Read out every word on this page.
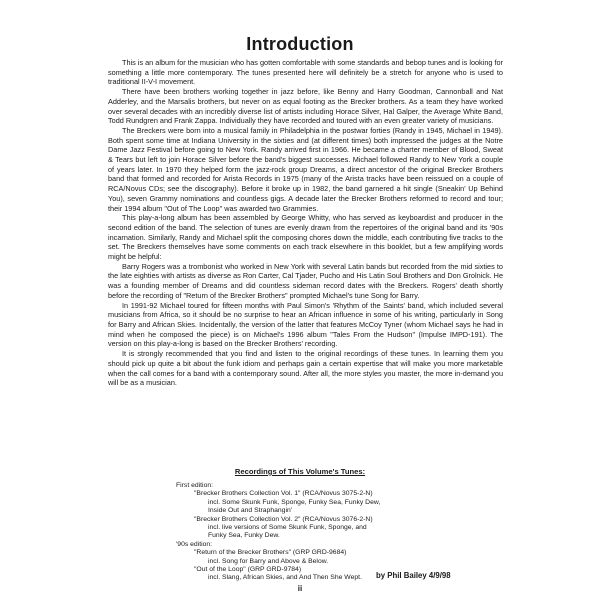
Introduction

This is an album for the musician who has gotten comfortable with some standards and bebop tunes and is looking for something a little more contemporary. The tunes presented here will definitely be a stretch for anyone who is used to traditional II-V-I movement.

There have been brothers working together in jazz before, like Benny and Harry Goodman, Cannonball and Nat Adderley, and the Marsalis brothers, but never on as equal footing as the Brecker brothers. As a team they have worked over several decades with an incredibly diverse list of artists including Horace Silver, Hal Galper, the Average White Band, Todd Rundgren and Frank Zappa. Individually they have recorded and toured with an even greater variety of musicians.

The Breckers were born into a musical family in Philadelphia in the postwar forties (Randy in 1945, Michael in 1949). Both spent some time at Indiana University in the sixties and (at different times) both impressed the judges at the Notre Dame Jazz Festival before going to New York. Randy arrived first in 1966. He became a charter member of Blood, Sweat & Tears but left to join Horace Silver before the band's biggest successes. Michael followed Randy to New York a couple of years later. In 1970 they helped form the jazz-rock group Dreams, a direct ancestor of the original Brecker Brothers band that formed and recorded for Arista Records in 1975 (many of the Arista tracks have been reissued on a couple of RCA/Novus CDs; see the discography). Before it broke up in 1982, the band garnered a hit single (Sneakin' Up Behind You), seven Grammy nominations and countless gigs. A decade later the Brecker Brothers reformed to record and tour; their 1994 album "Out of The Loop" was awarded two Grammies.

This play-a-long album has been assembled by George Whitty, who has served as keyboardist and producer in the second edition of the band. The selection of tunes are evenly drawn from the repertoires of the original band and its '90s incarnation. Similarly, Randy and Michael split the composing chores down the middle, each contributing five tracks to the set. The Breckers themselves have some comments on each track elsewhere in this booklet, but a few amplifying words might be helpful:

Barry Rogers was a trombonist who worked in New York with several Latin bands but recorded from the mid sixties to the late eighties with artists as diverse as Ron Carter, Cal Tjader, Pucho and His Latin Soul Brothers and Don Grolnick. He was a founding member of Dreams and did countless sideman record dates with the Breckers. Rogers' death shortly before the recording of "Return of the Brecker Brothers" prompted Michael's tune Song for Barry.

In 1991-92 Michael toured for fifteen months with Paul Simon's 'Rhythm of the Saints' band, which included several musicians from Africa, so it should be no surprise to hear an African influence in some of his writing, particularly in Song for Barry and African Skies. Incidentally, the version of the latter that features McCoy Tyner (whom Michael says he had in mind when he composed the piece) is on Michael's 1996 album "Tales From the Hudson" (Impulse IMPD-191). The version on this play-a-long is based on the Brecker Brothers' recording.

It is strongly recommended that you find and listen to the original recordings of these tunes. In learning them you should pick up quite a bit about the funk idiom and perhaps gain a certain expertise that will make you more marketable when the call comes for a band with a contemporary sound. After all, the more styles you master, the more in-demand you will be as a musician.

Recordings of This Volume's Tunes:
First edition:
"Brecker Brothers Collection Vol. 1" (RCA/Novus 3075-2-N)
incl. Some Skunk Funk, Sponge, Funky Sea, Funky Dew,
Inside Out and Straphangin'
"Brecker Brothers Collection Vol. 2" (RCA/Novus 3076-2-N)
incl. live versions of Some Skunk Funk, Sponge, and
Funky Sea, Funky Dew.
'90s edition:
"Return of the Brecker Brothers" (GRP GRD-9684)
incl. Song for Barry and Above & Below.
"Out of the Loop" (GRP GRD-9784)
incl. Slang, African Skies, and And Then She Wept.	by Phil Bailey 4/9/98
ii
